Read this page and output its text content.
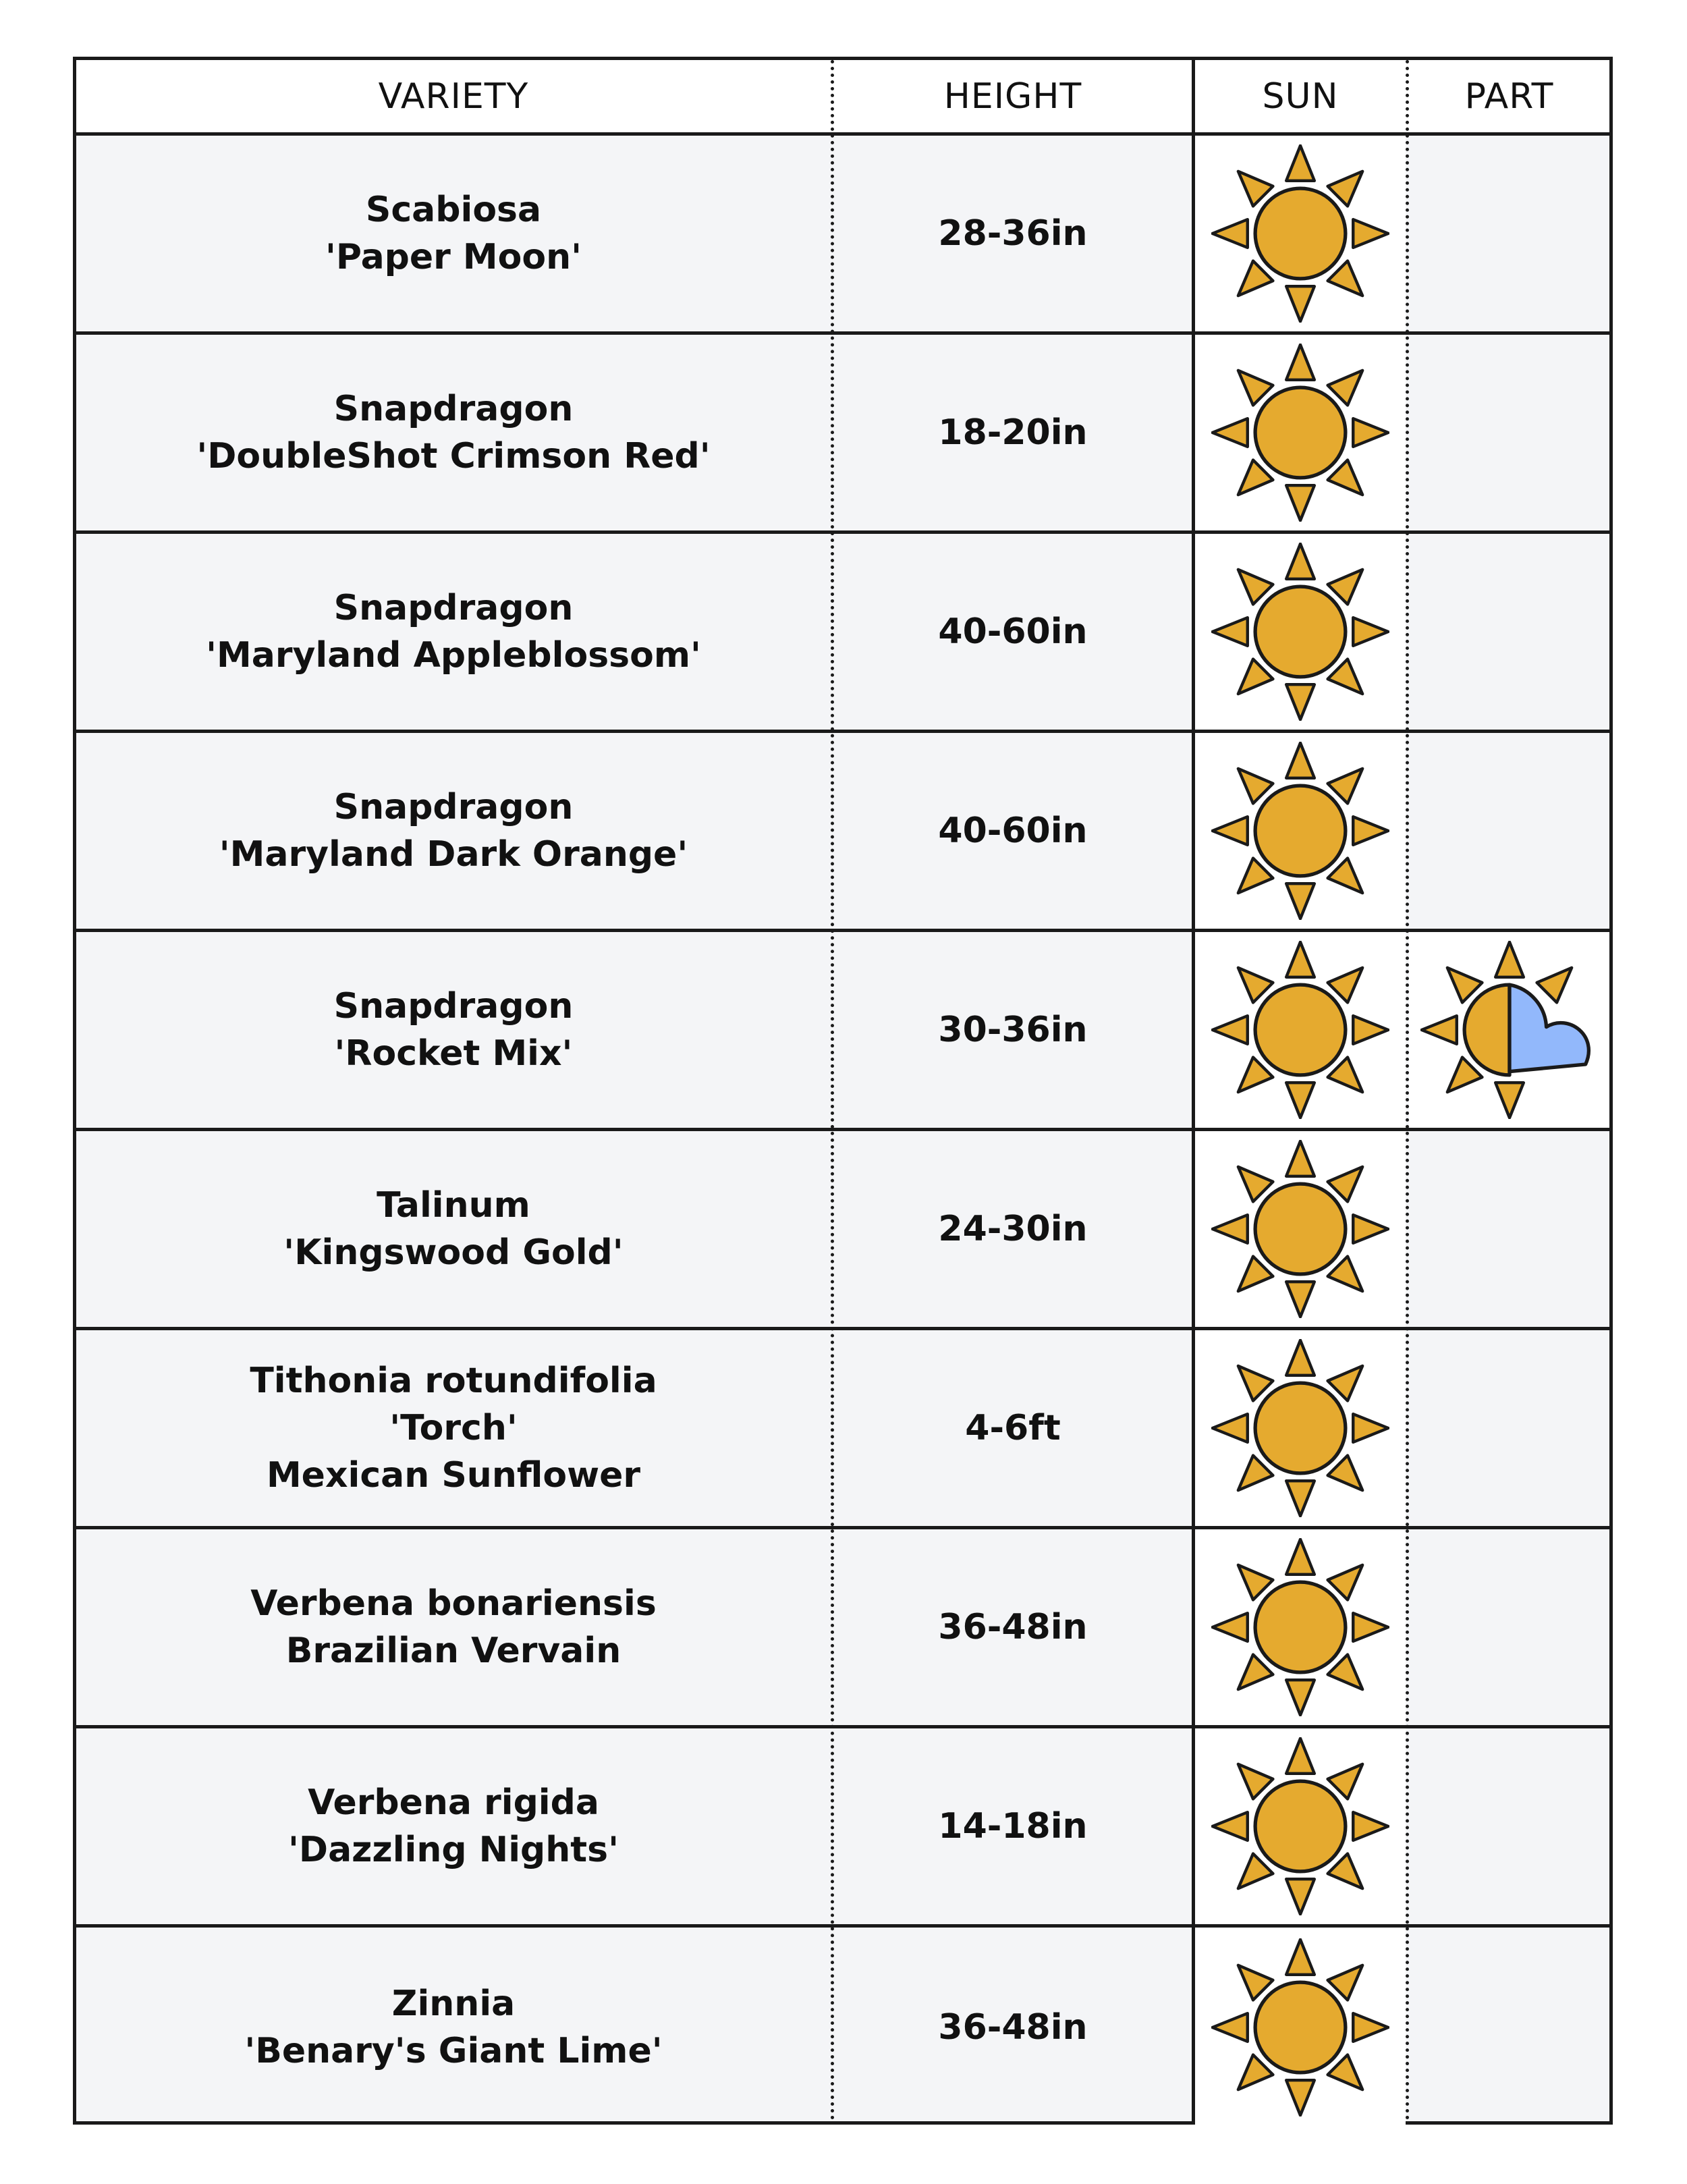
VARIETY	HEIGHT	SUN	PART
Scabiosa
'Paper Moon'
28-36in
Snapdragon
'DoubleShot Crimson Red'
18-20in
Snapdragon
'Maryland Appleblossom'
40-60in
Snapdragon
'Maryland Dark Orange'
40-60in
Snapdragon
'Rocket Mix'
30-36in
Talinum
'Kingswood Gold'
24-30in
Tithonia rotundifolia
'Torch'
Mexican Sunflower
4-6ft
Verbena bonariensis
Brazilian Vervain
36-48in
Verbena rigida
'Dazzling Nights'
14-18in
Zinnia
'Benary's Giant Lime'
36-48in
